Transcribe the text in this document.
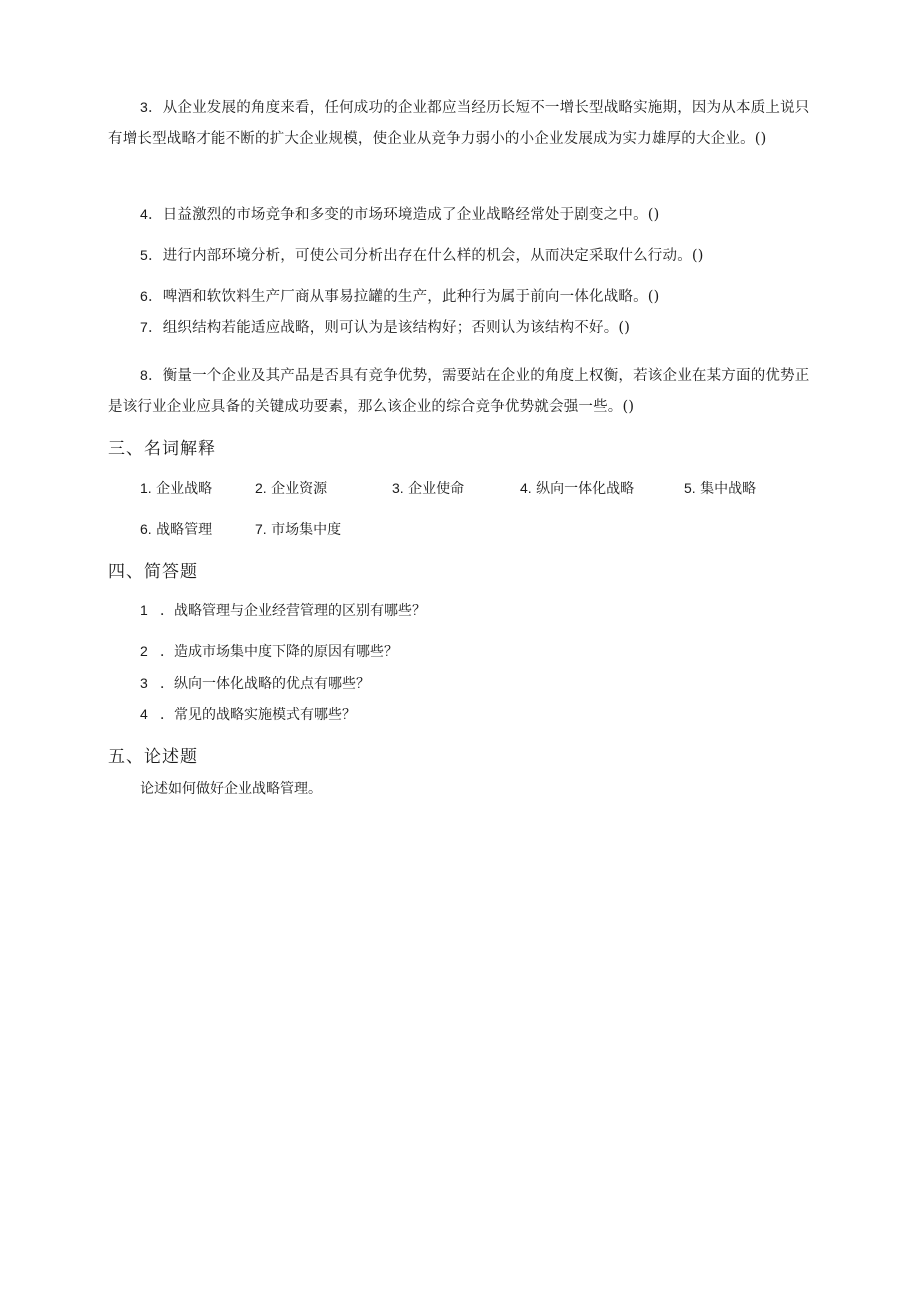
3．从企业发展的角度来看，任何成功的企业都应当经历长短不一增长型战略实施期，因为从本质上说只有增长型战略才能不断的扩大企业规模，使企业从竞争力弱小的小企业发展成为实力雄厚的大企业。()
4．日益激烈的市场竞争和多变的市场环境造成了企业战略经常处于剧变之中。()
5．进行内部环境分析，可使公司分析出存在什么样的机会，从而决定采取什么行动。()
6．啤酒和软饮料生产厂商从事易拉罐的生产，此种行为属于前向一体化战略。()
7．组织结构若能适应战略，则可认为是该结构好；否则认为该结构不好。()
8．衡量一个企业及其产品是否具有竞争优势，需要站在企业的角度上权衡，若该企业在某方面的优势正是该行业企业应具备的关键成功要素，那么该企业的综合竞争优势就会强一些。()
三、名词解释
1. 企业战略	2. 企业资源	3. 企业使命	4. 纵向一体化战略	5. 集中战略
6. 战略管理	7. 市场集中度
四、简答题
1 ．战略管理与企业经营管理的区别有哪些？
2 ．造成市场集中度下降的原因有哪些？
3 ．纵向一体化战略的优点有哪些？
4 ．常见的战略实施模式有哪些？
五、论述题
论述如何做好企业战略管理。
